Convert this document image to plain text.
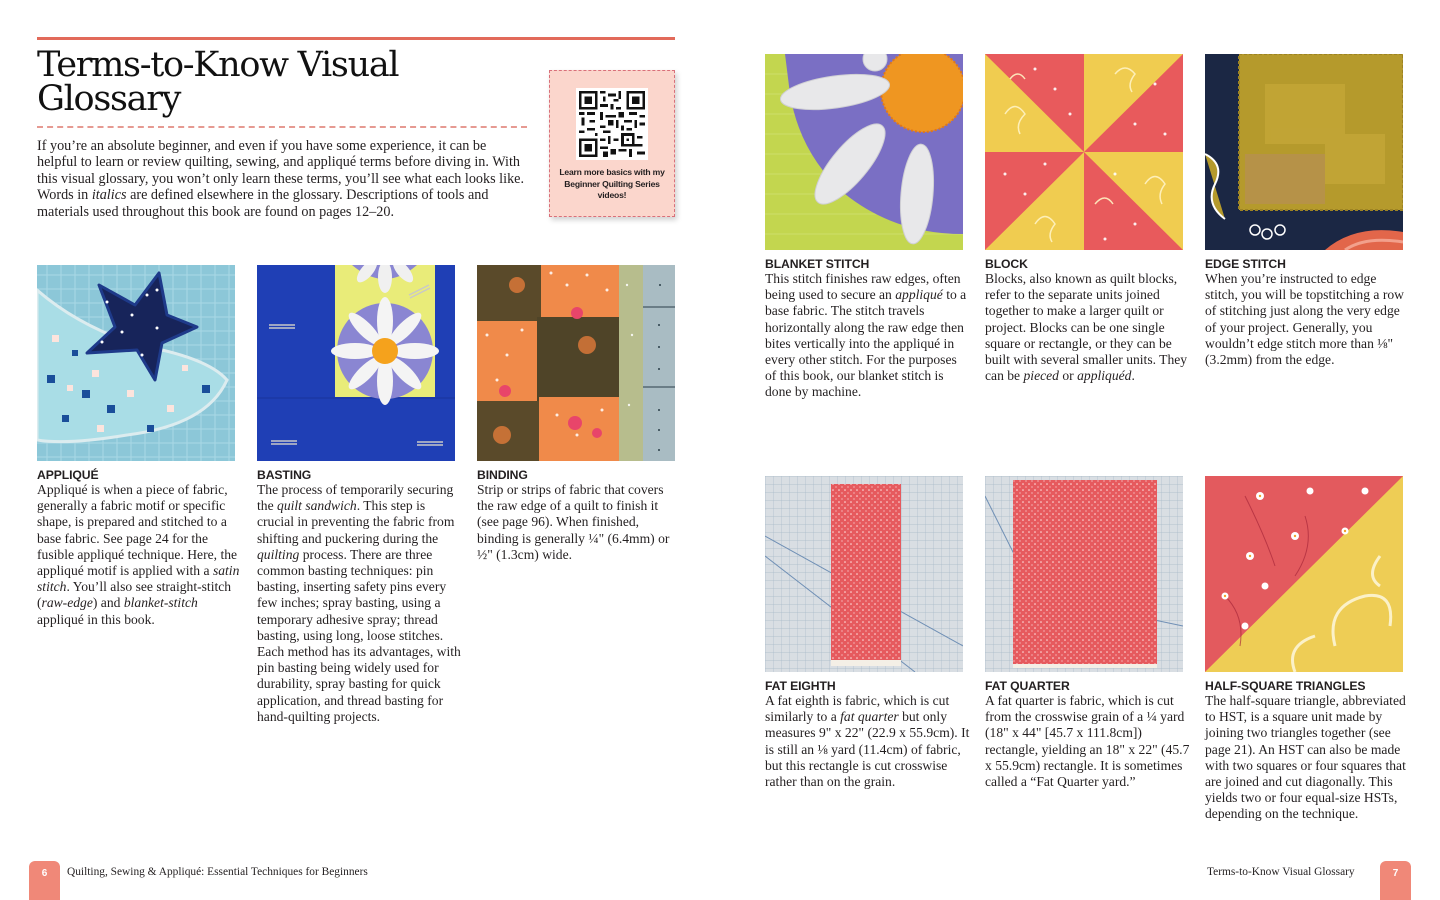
Terms-to-Know Visual
Glossary

If you’re an absolute beginner, and even if you have some experience, it can be helpful to learn or review quilting, sewing, and appliqué terms before diving in. With this visual glossary, you won’t only learn these terms, you’ll see what each looks like. Words in italics are defined elsewhere in the glossary. Descriptions of tools and materials used throughout this book are found on pages 12–20.

Learn more basics with my Beginner Quilting Series videos!
APPLIQUÉ
Appliqué is when a piece of fabric, generally a fabric motif or specific shape, is prepared and stitched to a base fabric. See page 24 for the fusible appliqué technique. Here, the appliqué motif is applied with a satin stitch. You’ll also see straight-stitch (raw-edge) and blanket-stitch appliqué in this book.
BASTING
The process of temporarily securing the quilt sandwich. This step is crucial in preventing the fabric from shifting and puckering during the quilting process. There are three common basting techniques: pin basting, inserting safety pins every few inches; spray basting, using a temporary adhesive spray; thread basting, using long, loose stitches. Each method has its advantages, with pin basting being widely used for durability, spray basting for quick application, and thread basting for hand-quilting projects.
BINDING
Strip or strips of fabric that covers the raw edge of a quilt to finish it (see page 96). When finished, binding is generally ¼" (6.4mm) or ½" (1.3cm) wide.
BLANKET STITCH
This stitch finishes raw edges, often being used to secure an appliqué to a base fabric. The stitch travels horizontally along the raw edge then bites vertically into the appliqué in every other stitch. For the purposes of this book, our blanket stitch is done by machine.
BLOCK
Blocks, also known as quilt blocks, refer to the separate units joined together to make a larger quilt or project. Blocks can be one single square or rectangle, or they can be built with several smaller units. They can be pieced or appliquéd.
EDGE STITCH
When you’re instructed to edge stitch, you will be topstitching a row of stitching just along the very edge of your project. Generally, you wouldn’t edge stitch more than ⅛" (3.2mm) from the edge.
FAT EIGHTH
A fat eighth is fabric, which is cut similarly to a fat quarter but only measures 9" x 22" (22.9 x 55.9cm). It is still an ⅛ yard (11.4cm) of fabric, but this rectangle is cut crosswise rather than on the grain.
FAT QUARTER
A fat quarter is fabric, which is cut from the crosswise grain of a ¼ yard (18" x 44" [45.7 x 111.8cm]) rectangle, yielding an 18" x 22" (45.7 x 55.9cm) rectangle. It is sometimes called a “Fat Quarter yard.”
HALF-SQUARE TRIANGLES
The half-square triangle, abbreviated to HST, is a square unit made by joining two triangles together (see page 21). An HST can also be made with two squares or four squares that are joined and cut diagonally. This yields two or four equal-size HSTs, depending on the technique.
6	Quilting, Sewing & Appliqué: Essential Techniques for Beginners	Terms-to-Know Visual Glossary	7
